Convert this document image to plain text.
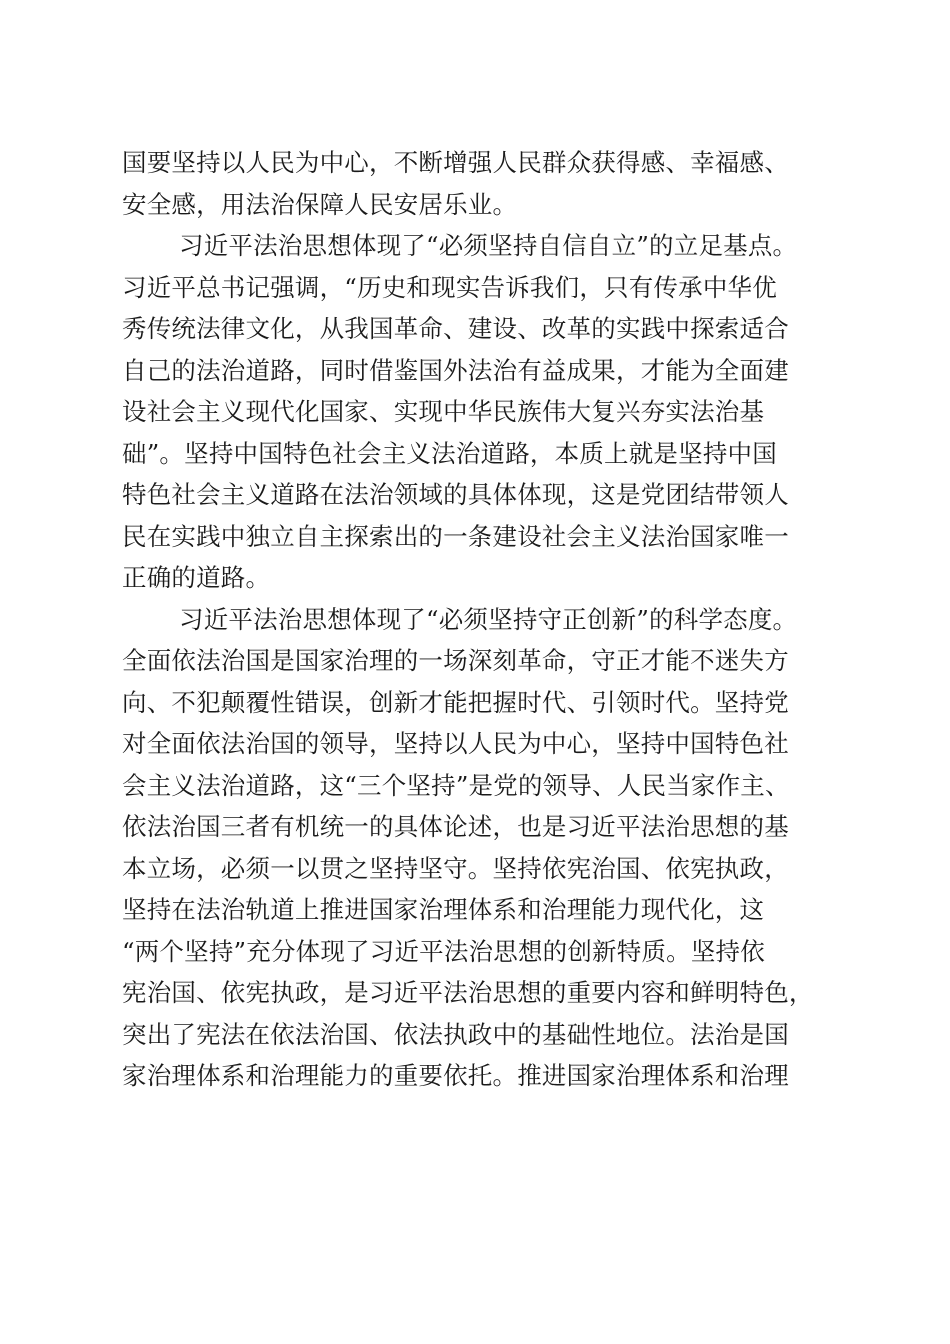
国要坚持以人民为中心，不断增强人民群众获得感、幸福感、
安全感，用法治保障人民安居乐业。
习近平法治思想体现了“必须坚持自信自立”的立足基点。
习近平总书记强调，“历史和现实告诉我们，只有传承中华优
秀传统法律文化，从我国革命、建设、改革的实践中探索适合
自己的法治道路，同时借鉴国外法治有益成果，才能为全面建
设社会主义现代化国家、实现中华民族伟大复兴夯实法治基
础”。坚持中国特色社会主义法治道路，本质上就是坚持中国
特色社会主义道路在法治领域的具体体现，这是党团结带领人
民在实践中独立自主探索出的一条建设社会主义法治国家唯一
正确的道路。
习近平法治思想体现了“必须坚持守正创新”的科学态度。
全面依法治国是国家治理的一场深刻革命，守正才能不迷失方
向、不犯颠覆性错误，创新才能把握时代、引领时代。坚持党
对全面依法治国的领导，坚持以人民为中心，坚持中国特色社
会主义法治道路，这“三个坚持”是党的领导、人民当家作主、
依法治国三者有机统一的具体论述，也是习近平法治思想的基
本立场，必须一以贯之坚持坚守。坚持依宪治国、依宪执政，
坚持在法治轨道上推进国家治理体系和治理能力现代化，这
“两个坚持”充分体现了习近平法治思想的创新特质。坚持依
宪治国、依宪执政，是习近平法治思想的重要内容和鲜明特色，
突出了宪法在依法治国、依法执政中的基础性地位。法治是国
家治理体系和治理能力的重要依托。推进国家治理体系和治理
